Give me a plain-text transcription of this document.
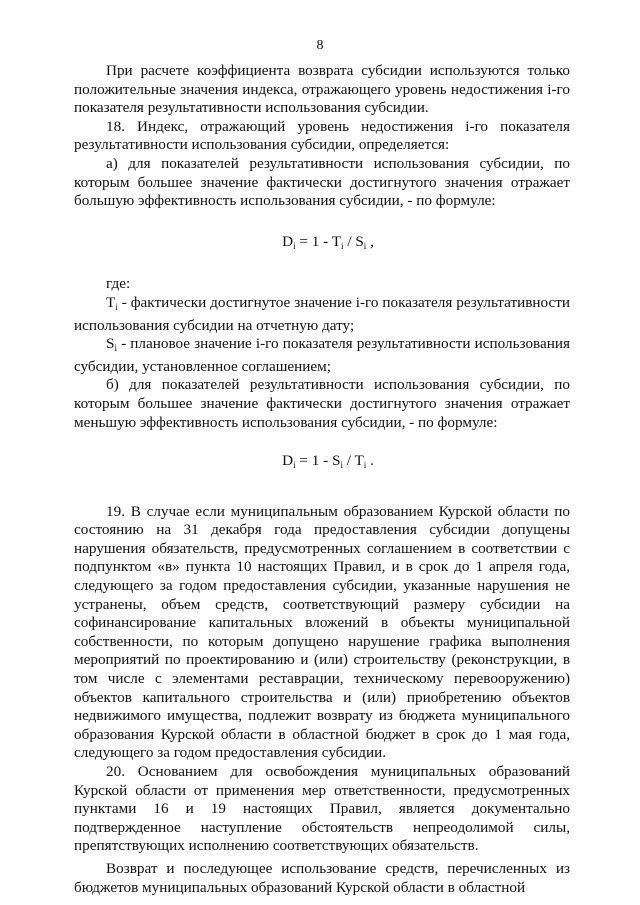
8

При расчете коэффициента возврата субсидии используются только положительные значения индекса, отражающего уровень недостижения i-го показателя результативности использования субсидии.

18. Индекс, отражающий уровень недостижения i-го показателя результативности использования субсидии, определяется:

а) для показателей результативности использования субсидии, по которым большее значение фактически достигнутого значения отражает большую эффективность использования субсидии, - по формуле:

$D_i = 1 - T_i / S_i$ ,

где:

$T_i$ - фактически достигнутое значение i-го показателя результативности использования субсидии на отчетную дату;

$S_i$ - плановое значение i-го показателя результативности использования субсидии, установленное соглашением;

б) для показателей результативности использования субсидии, по которым большее значение фактически достигнутого значения отражает меньшую эффективность использования субсидии, - по формуле:

$D_i = 1 - S_i / T_i$ .

19. В случае если муниципальным образованием Курской области по состоянию на 31 декабря года предоставления субсидии допущены нарушения обязательств, предусмотренных соглашением в соответствии с подпунктом «в» пункта 10 настоящих Правил, и в срок до 1 апреля года, следующего за годом предоставления субсидии, указанные нарушения не устранены, объем средств, соответствующий размеру субсидии на софинансирование капитальных вложений в объекты муниципальной собственности, по которым допущено нарушение графика выполнения мероприятий по проектированию и (или) строительству (реконструкции, в том числе с элементами реставрации, техническому перевооружению) объектов капитального строительства и (или) приобретению объектов недвижимого имущества, подлежит возврату из бюджета муниципального образования Курской области в областной бюджет в срок до 1 мая года, следующего за годом предоставления субсидии.

20. Основанием для освобождения муниципальных образований Курской области от применения мер ответственности, предусмотренных пунктами 16 и 19 настоящих Правил, является документально подтвержденное наступление обстоятельств непреодолимой силы, препятствующих исполнению соответствующих обязательств.

Возврат и последующее использование средств, перечисленных из бюджетов муниципальных образований Курской области в областной
